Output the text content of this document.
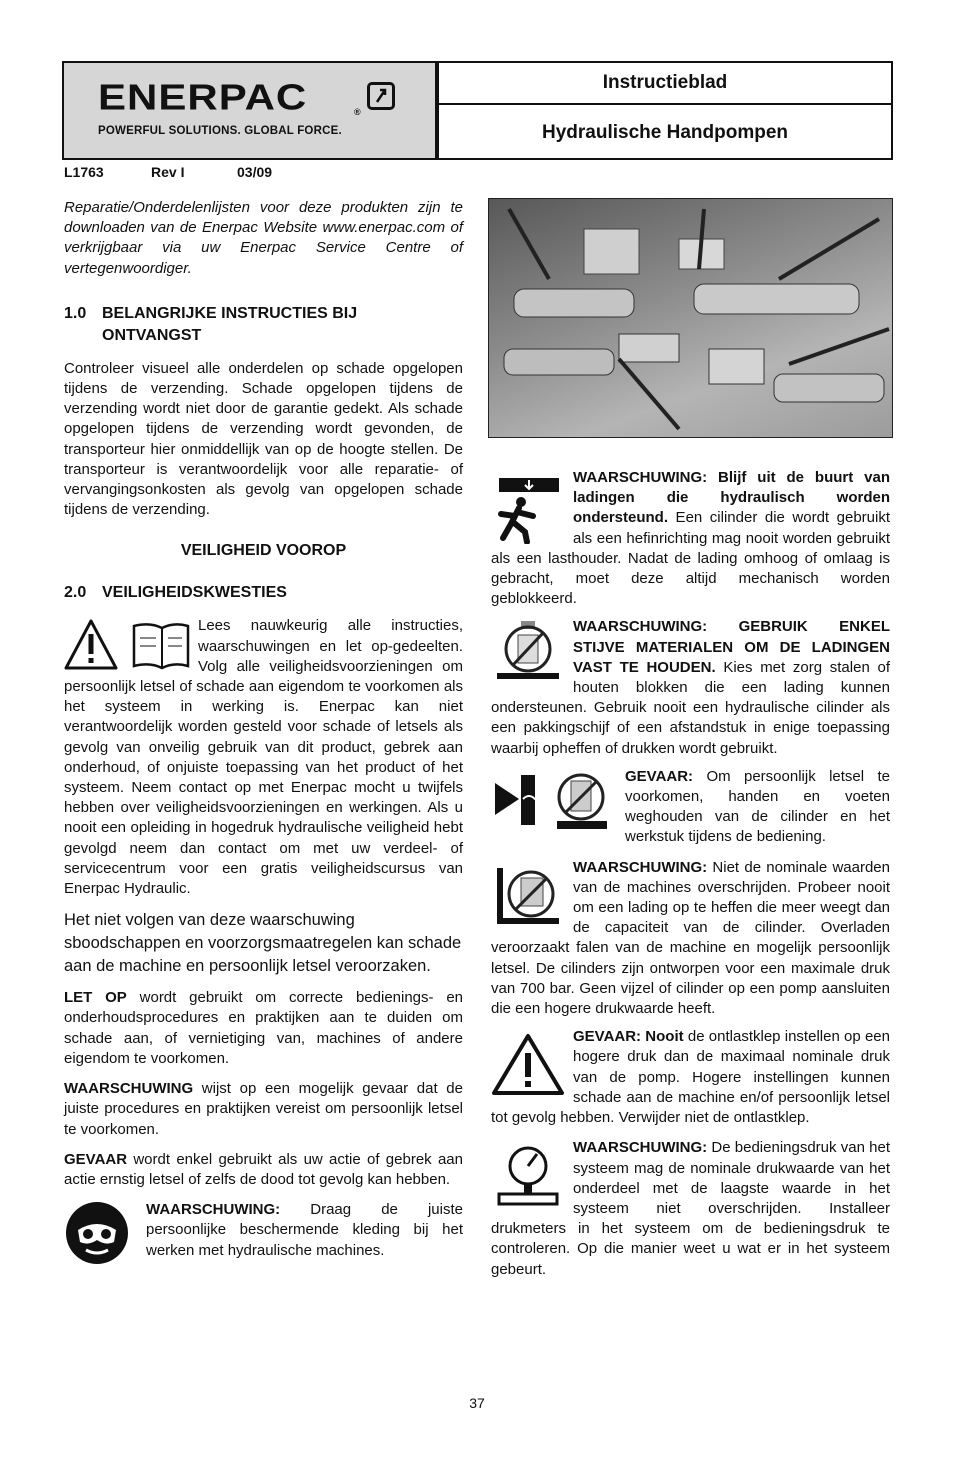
ENERPAC	®
POWERFUL SOLUTIONS. GLOBAL FORCE.
Instructieblad
Hydraulische Handpompen
L1763	Rev I	03/09

Reparatie/Onderdelenlijsten voor deze produkten zijn te downloaden van de Enerpac Website www.enerpac.com of verkrijgbaar via uw Enerpac Service Centre of vertegenwoordiger.

1.0 BELANGRIJKE INSTRUCTIES BIJ
ONTVANGST

Controleer visueel alle onderdelen op schade opgelopen tijdens de verzending. Schade opgelopen tijdens de verzending wordt niet door de garantie gedekt. Als schade opgelopen tijdens de verzending wordt gevonden, de transporteur hier onmiddellijk van op de hoogte stellen. De transporteur is verantwoordelijk voor alle reparatie- of vervangingsonkosten als gevolg van opgelopen schade tijdens de verzending.

VEILIGHEID VOOROP
2.0 VEILIGHEIDSKWESTIES

Lees nauwkeurig alle instructies, waarschuwingen en let op-gedeelten. Volg alle veiligheidsvoorzieningen om persoonlijk letsel of schade aan eigendom te voorkomen als het systeem in werking is. Enerpac kan niet verantwoordelijk worden gesteld voor schade of letsels als gevolg van onveilig gebruik van dit product, gebrek aan onderhoud, of onjuiste toepassing van het product of het systeem. Neem contact op met Enerpac mocht u twijfels hebben over veiligheidsvoorzieningen en werkingen. Als u nooit een opleiding in hogedruk hydraulische veiligheid hebt gevolgd neem dan contact om met uw verdeel- of servicecentrum voor een gratis veiligheidscursus van Enerpac Hydraulic.

Het niet volgen van deze waarschuwing sboodschappen en voorzorgsmaatregelen kan schade aan de machine en persoonlijk letsel veroorzaken.

LET OP wordt gebruikt om correcte bedienings- en onderhoudsprocedures en praktijken aan te duiden om schade aan, of vernietiging van, machines of andere eigendom te voorkomen.

WAARSCHUWING wijst op een mogelijk gevaar dat de juiste procedures en praktijken vereist om persoonlijk letsel te voorkomen.

GEVAAR wordt enkel gebruikt als uw actie of gebrek aan actie ernstig letsel of zelfs de dood tot gevolg kan hebben.

WAARSCHUWING: Draag de juiste persoonlijke beschermende kleding bij het werken met hydraulische machines.

WAARSCHUWING: Blijf uit de buurt van ladingen die hydraulisch worden ondersteund. Een cilinder die wordt gebruikt als een hefinrichting mag nooit worden gebruikt als een lasthouder. Nadat de lading omhoog of omlaag is gebracht, moet deze altijd mechanisch worden geblokkeerd.

WAARSCHUWING: GEBRUIK ENKEL STIJVE MATERIALEN OM DE LADINGEN VAST TE HOUDEN. Kies met zorg stalen of houten blokken die een lading kunnen ondersteunen. Gebruik nooit een hydraulische cilinder als een pakkingschijf of een afstandstuk in enige toepassing waarbij opheffen of drukken wordt gebruikt.

GEVAAR: Om persoonlijk letsel te voorkomen, handen en voeten weghouden van de cilinder en het werkstuk tijdens de bediening.

WAARSCHUWING: Niet de nominale waarden van de machines overschrijden. Probeer nooit om een lading op te heffen die meer weegt dan de capaciteit van de cilinder. Overladen veroorzaakt falen van de machine en mogelijk persoonlijk letsel. De cilinders zijn ontworpen voor een maximale druk van 700 bar. Geen vijzel of cilinder op een pomp aansluiten die een hogere drukwaarde heeft.

GEVAAR: Nooit de ontlastklep instellen op een hogere druk dan de maximaal nominale druk van de pomp. Hogere instellingen kunnen schade aan de machine en/of persoonlijk letsel tot gevolg hebben. Verwijder niet de ontlastklep.

WAARSCHUWING: De bedieningsdruk van het systeem mag de nominale drukwaarde van het onderdeel met de laagste waarde in het systeem niet overschrijden. Installeer drukmeters in het systeem om de bedieningsdruk te controleren. Op die manier weet u wat er in het systeem gebeurt.

37
